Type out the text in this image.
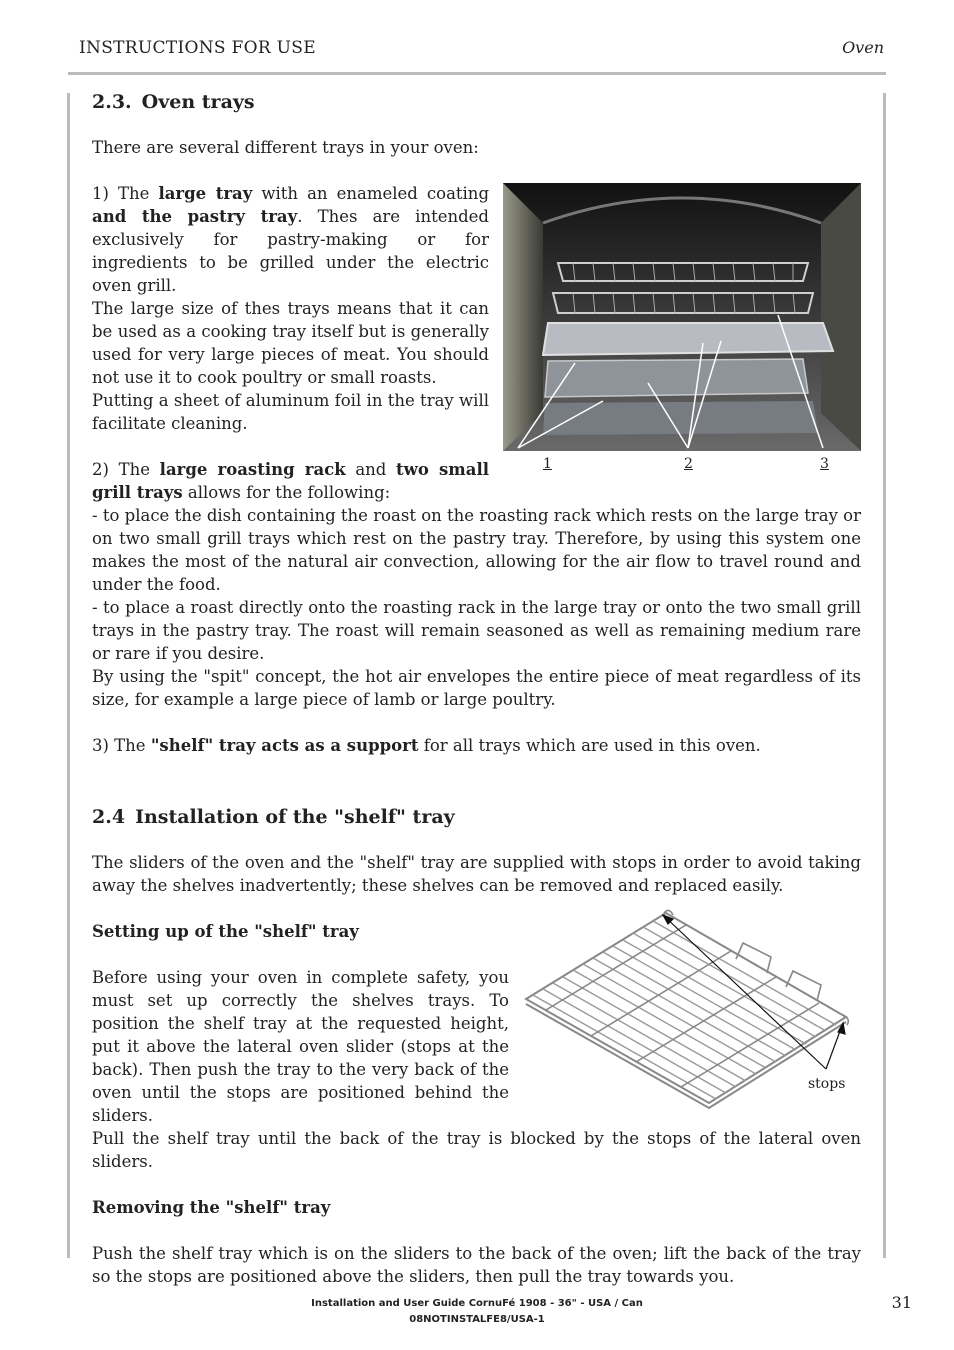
INSTRUCTIONS FOR USE	Oven
2.3. Oven trays

There are several different trays in your oven:

1	2	3

1) The large tray with an enameled coating and the pastry tray. Thes are intended exclusively for pastry-making or for ingredients to be grilled under the electric oven grill.

The large size of thes trays means that it can be used as a cooking tray itself but is generally used for very large pieces of meat. You should not use it to cook poultry or small roasts.

Putting a sheet of aluminum foil in the tray will facilitate cleaning.

2) The large roasting rack and two small grill trays allows for the following:

- to place the dish containing the roast on the roasting rack which rests on the large tray or on two small grill trays which rest on the pastry tray. Therefore, by using this system one makes the most of the natural air convection, allowing for the air flow to travel round and under the food.

- to place a roast directly onto the roasting rack in the large tray or onto the two small grill trays in the pastry tray. The roast will remain seasoned as well as remaining medium rare or rare if you desire.

By using the "spit" concept, the hot air envelopes the entire piece of meat regardless of its size, for example a large piece of lamb or large poultry.

3) The "shelf" tray acts as a support for all trays which are used in this oven.

2.4 Installation of the "shelf" tray

The sliders of the oven and the "shelf" tray are supplied with stops in order to avoid taking away the shelves inadvertently; these shelves can be removed and replaced easily.

stops

Setting up of the "shelf" tray

Before using your oven in complete safety, you must set up correctly the shelves trays. To position the shelf tray at the requested height, put it above the lateral oven slider (stops at the back). Then push the tray to the very back of the oven until the stops are positioned behind the sliders.

Pull the shelf tray until the back of the tray is blocked by the stops of the lateral oven sliders.

Removing the "shelf" tray

Push the shelf tray which is on the sliders to the back of the oven; lift the back of the tray so the stops are positioned above the sliders, then pull the tray towards you.

Installation and User Guide CornuFé 1908 - 36" - USA / Can
08NOTINSTALFE8/USA-1
31
